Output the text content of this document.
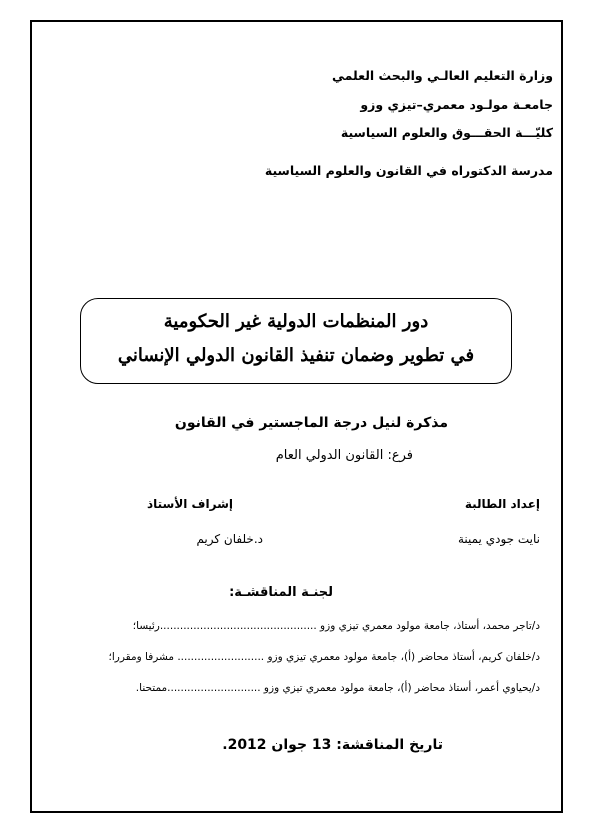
وزارة التعليم العالـي والبحث العلمي
جامعـة مولـود معمري–تيزي وزو
كليّـــة الحقـــوق والعلوم السياسية
مدرسة الدكتوراه في القانون والعلوم السياسية
دور المنظمات الدولية غير الحكومية
في تطوير وضمان تنفيذ القانون الدولي الإنساني
مذكرة لنيل درجة الماجستير في القانون
فرع: القانون الدولي العام
إعداد الطالبة
إشراف الأستاذ
نايت جودي يمينة
د.خلفان كريم
لجنـة المناقشـة:
د/تاجر محمد، أستاذ، جامعة مولود معمري تيزي وزو ...............................................رئيسا؛
د/خلفان كريم، أستاذ محاضر (أ)، جامعة مولود معمري تيزي وزو .......................... مشرفا ومقررا؛
د/يحياوي أعمر، أستاذ محاضر (أ)، جامعة مولود معمري تيزي وزو ............................ممتحنا.
تاريخ المناقشة: 13 جوان 2012.
